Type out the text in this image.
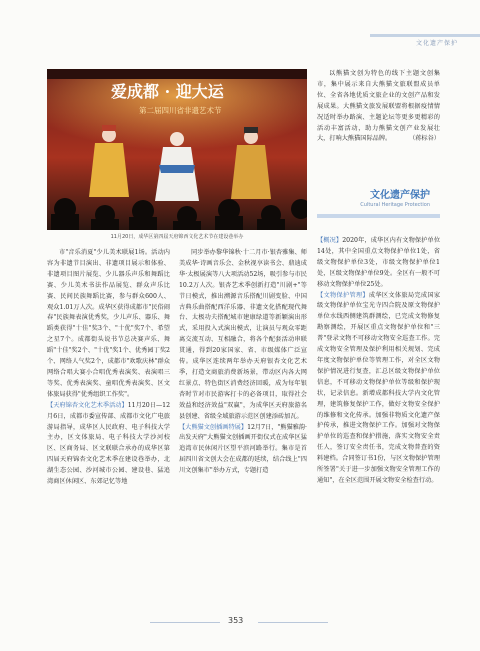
文化遗产保护
爱成都 · 迎大运
第二届四川省非遗艺术节
11月20日，成华区第四届天府锦西文化艺术节在建设巷举办

市"音乐消夏"少儿美术联展1场。活动内容为非遗节目演出、非遗项目展示和体验、非遗项目图片展览、少儿器乐声乐和舞蹈比赛、少儿美术书法作品展览、群众声乐比赛、民间民族舞蹈比赛，参与群众600人、观众1.01万人次。成华区获得成都市"民俗闹春"民族舞表演优秀奖，少儿声乐、器乐、舞蹈类获得"十佳"奖3个、"十优"奖7个、希望之星7个。成都街头说书节总决赛声乐、舞蹈"十佳"奖2个、"十优"奖1个、优秀园丁奖2个、网络人气奖2个，成都市"欢歌庆林"群众网络合唱大赛小合唱优秀表演奖、表演唱三等奖、优秀表演奖、童唱优秀表演奖、区文体旅局获得"优秀组织工作奖"。

【天府锦杏文化艺术季活动】11月20日—12月6日，成都市委宣传部、成都市文化广电旅游局指导，成华区人民政府、电子科技大学主办，区文体旅局、电子科技大学沙河校区、区商务局、区文联联合承办的成华区第四届天府锦杏文化艺术季在建设巷举办，北湖生态公园、沙河城市公园、建设巷、猛追湾商区休闲区、东郊记忆等地

同步举办黎华锦秋·十二月市·银杏雅集、师美成华·诗画音乐会、金秋视享读书会、鼎迪成华·太极展演等八大项活动52场，吸引参与市民10.2万人次。银杏艺术季创新打造"川剧+"等节日模式，推出溯源音乐搭配川剧变脸、中国古典乐曲搭配西洋乐器、非遗文化搭配现代舞台、太极功夫搭配城市建康绿道等新颖演出形式，采用投入式演出模式，让演员与观众零距离交流互动、互相融合，将各个配套活动串联贯通，得到20家国家、省、市级媒体广泛宣传。成华区连续两年举办天府银杏文化艺术季，打造文商旅消费新场景，带动区内各大网红景点、特色街区消费经济回暖，成为每年银杏时节对市民游客打卡的必备项目，取得社会效益和经济效益"双赢"，为成华区天府旅游名县创建、省级全域旅游示范区创建添砖加瓦。

【大熊猫文创插画特展】12月7日，"熊猫雅韵·出发天府"大熊猫文创插画开街仪式在成华区猛追湾市民休闲片区望平滨河路举行。集市是首届四川省文创大会在成都的延续，结合线上"四川文创集市"举办方式，专题打造

以熊猫文创为特色的线下主题文创集市，集中展示来自大熊猫文旅联盟成员单位、全省各地优质文旅企业的文创产品和发展成果。大熊猫文旅发展联盟将根据疫情情况适时举办路演、主题论坛等更多更精彩的活动丰富活动，助力熊猫文创产业发展壮大，打响大熊猫国际品牌。	（蒋标谷）

文化遗产保护
Cultural Heritage Protection

【概况】2020年，成华区内有文物保护单位14处，其中全国重点文物保护单位1处，省级文物保护单位3处，市级文物保护单位1处，区级文物保护单位9处。全区有一般不可移动文物保护单位25处。

【文物保护管理】成华区文体旅局完成国家级文物保护单位宝光寺四合院及原文物保护单位水线西侧建筑群测绘，已完成文物修复勘察测绘，开展区重点文物保护单位和"三普"登录文物不可移动文物安全巡查工作。完成文物安全管理及保护利用相关规划、完成年度文物保护单位等管理工作，对全区文物保护情况进行复查，汇总区级文物保护单位信息，不可移动文物保护单位等级和保护现状，记录信息。新增成都科技大学内文化管理，建筑修复保护工作，做好文物安全保护的维修和文化传承。加强非物质文化遗产保护传承，推进文物保护工作。加强对文物保护单位的巡查和保护措施，落实文物安全责任人，签订安全责任书，完成文物普查的资料建档。合同签订书1份，与区文物保护管理所签署"关于进一步加强文物安全管理工作的通知"，在全区范围开展文物安全检查行动。

353
